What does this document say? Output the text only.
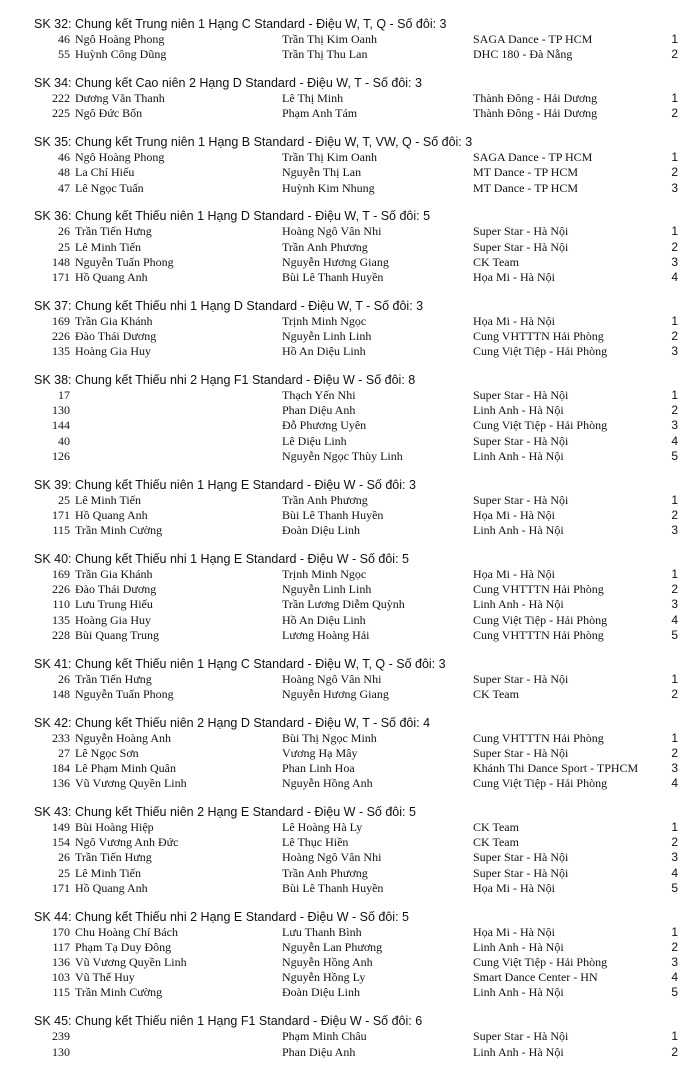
SK 32: Chung kết Trung niên 1 Hạng C Standard - Điệu W, T, Q - Số đôi: 3
46 Ngô Hoàng Phong	Trần Thị Kim Oanh	SAGA Dance - TP HCM	1
55 Huỳnh Công Dũng	Trần Thị Thu Lan	DHC 180 - Đà Nẵng	2
SK 34: Chung kết Cao niên 2 Hạng D Standard - Điệu W, T - Số đôi: 3
222 Dương Văn Thanh	Lê Thị Minh	Thành Đông - Hải Dương	1
225 Ngô Đức Bốn	Phạm Anh Tám	Thành Đông - Hải Dương	2
SK 35: Chung kết Trung niên 1 Hạng B Standard - Điệu W, T, VW, Q - Số đôi: 3
46 Ngô Hoàng Phong	Trần Thị Kim Oanh	SAGA Dance - TP HCM	1
48 La Chí Hiếu	Nguyễn Thị Lan	MT Dance - TP HCM	2
47 Lê Ngọc Tuấn	Huỳnh Kim Nhung	MT Dance - TP HCM	3
SK 36: Chung kết Thiếu niên 1 Hạng D Standard - Điệu W, T - Số đôi: 5
26 Trần Tiến Hưng	Hoàng Ngô Vân Nhi	Super Star - Hà Nội	1
25 Lê Minh Tiến	Trần Anh Phương	Super Star - Hà Nội	2
148 Nguyễn Tuấn Phong	Nguyễn Hương Giang	CK Team	3
171 Hồ Quang Anh	Bùi Lê Thanh Huyền	Họa Mi - Hà Nội	4
SK 37: Chung kết Thiếu nhi 1 Hạng D Standard - Điệu W, T - Số đôi: 3
169 Trần Gia Khánh	Trịnh Minh Ngọc	Họa Mi - Hà Nội	1
226 Đào Thái Dương	Nguyễn Linh Linh	Cung VHTTTN Hải Phòng	2
135 Hoàng Gia Huy	Hồ An Diệu Linh	Cung Việt Tiệp - Hải Phòng	3
SK 38: Chung kết Thiếu nhi 2 Hạng F1 Standard - Điệu W - Số đôi: 8
17	Thạch Yến Nhi	Super Star - Hà Nội	1
130	Phan Diệu Anh	Linh Anh - Hà Nội	2
144	Đỗ Phương Uyên	Cung Việt Tiệp - Hải Phòng	3
40	Lê Diệu Linh	Super Star - Hà Nội	4
126	Nguyễn Ngọc Thùy Linh	Linh Anh - Hà Nội	5
SK 39: Chung kết Thiếu niên 1 Hạng E Standard - Điệu W - Số đôi: 3
25 Lê Minh Tiến	Trần Anh Phương	Super Star - Hà Nội	1
171 Hồ Quang Anh	Bùi Lê Thanh Huyền	Họa Mi - Hà Nội	2
115 Trần Minh Cường	Đoàn Diệu Linh	Linh Anh - Hà Nội	3
SK 40: Chung kết Thiếu nhi 1 Hạng E Standard - Điệu W - Số đôi: 5
169 Trần Gia Khánh	Trịnh Minh Ngọc	Họa Mi - Hà Nội	1
226 Đào Thái Dương	Nguyễn Linh Linh	Cung VHTTTN Hải Phòng	2
110 Lưu Trung Hiếu	Trần Lương Diễm Quỳnh	Linh Anh - Hà Nội	3
135 Hoàng Gia Huy	Hồ An Diệu Linh	Cung Việt Tiệp - Hải Phòng	4
228 Bùi Quang Trung	Lương Hoàng Hải	Cung VHTTTN Hải Phòng	5
SK 41: Chung kết Thiếu niên 1 Hạng C Standard - Điệu W, T, Q - Số đôi: 3
26 Trần Tiến Hưng	Hoàng Ngô Vân Nhi	Super Star - Hà Nội	1
148 Nguyễn Tuấn Phong	Nguyễn Hương Giang	CK Team	2
SK 42: Chung kết Thiếu niên 2 Hạng D Standard - Điệu W, T - Số đôi: 4
233 Nguyễn Hoàng Anh	Bùi Thị Ngọc Minh	Cung VHTTTN Hải Phòng	1
27 Lê Ngọc Sơn	Vương Hạ Mây	Super Star - Hà Nội	2
184 Lê Phạm Minh Quân	Phan Linh Hoa	Khánh Thi Dance Sport - TPHCM	3
136 Vũ Vương Quyền Linh	Nguyễn Hồng Anh	Cung Việt Tiệp - Hải Phòng	4
SK 43: Chung kết Thiếu niên 2 Hạng E Standard - Điệu W - Số đôi: 5
149 Bùi Hoàng Hiệp	Lê Hoàng Hà Ly	CK Team	1
154 Ngô Vương Anh Đức	Lê Thục Hiền	CK Team	2
26 Trần Tiến Hưng	Hoàng Ngô Vân Nhi	Super Star - Hà Nội	3
25 Lê Minh Tiến	Trần Anh Phương	Super Star - Hà Nội	4
171 Hồ Quang Anh	Bùi Lê Thanh Huyền	Họa Mi - Hà Nội	5
SK 44: Chung kết Thiếu nhi 2 Hạng E Standard - Điệu W - Số đôi: 5
170 Chu Hoàng Chí Bách	Lưu Thanh Bình	Họa Mi - Hà Nội	1
117 Phạm Tạ Duy Đông	Nguyễn Lan Phương	Linh Anh - Hà Nội	2
136 Vũ Vương Quyền Linh	Nguyễn Hồng Anh	Cung Việt Tiệp - Hải Phòng	3
103 Vũ Thế Huy	Nguyễn Hồng Ly	Smart Dance Center - HN	4
115 Trần Minh Cường	Đoàn Diệu Linh	Linh Anh - Hà Nội	5
SK 45: Chung kết Thiếu niên 1 Hạng F1 Standard - Điệu W - Số đôi: 6
239	Phạm Minh Châu	Super Star - Hà Nội	1
130	Phan Diệu Anh	Linh Anh - Hà Nội	2
